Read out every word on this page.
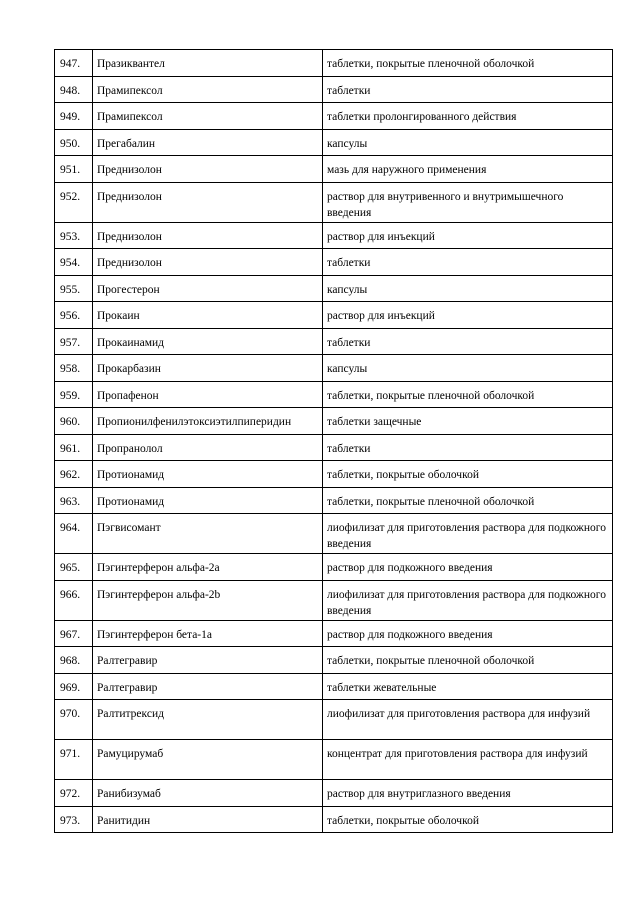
947.	Празиквантел	таблетки, покрытые пленочной оболочкой
948.	Прамипексол	таблетки
949.	Прамипексол	таблетки пролонгированного действия
950.	Прегабалин	капсулы
951.	Преднизолон	мазь для наружного применения
952.	Преднизолон	раствор для внутривенного и внутримышечного введения
953.	Преднизолон	раствор для инъекций
954.	Преднизолон	таблетки
955.	Прогестерон	капсулы
956.	Прокаин	раствор для инъекций
957.	Прокаинамид	таблетки
958.	Прокарбазин	капсулы
959.	Пропафенон	таблетки, покрытые пленочной оболочкой
960.	Пропионилфенилэтоксиэтилпиперидин	таблетки защечные
961.	Пропранолол	таблетки
962.	Протионамид	таблетки, покрытые оболочкой
963.	Протионамид	таблетки, покрытые пленочной оболочкой
964.	Пэгвисомант	лиофилизат для приготовления раствора для подкожного введения
965.	Пэгинтерферон альфа-2a	раствор для подкожного введения
966.	Пэгинтерферон альфа-2b	лиофилизат для приготовления раствора для подкожного введения
967.	Пэгинтерферон бета-1a	раствор для подкожного введения
968.	Ралтегравир	таблетки, покрытые пленочной оболочкой
969.	Ралтегравир	таблетки жевательные
970.	Ралтитрексид	лиофилизат для приготовления раствора для инфузий
971.	Рамуцирумаб	концентрат для приготовления раствора для инфузий
972.	Ранибизумаб	раствор для внутриглазного введения
973.	Ранитидин	таблетки, покрытые оболочкой
